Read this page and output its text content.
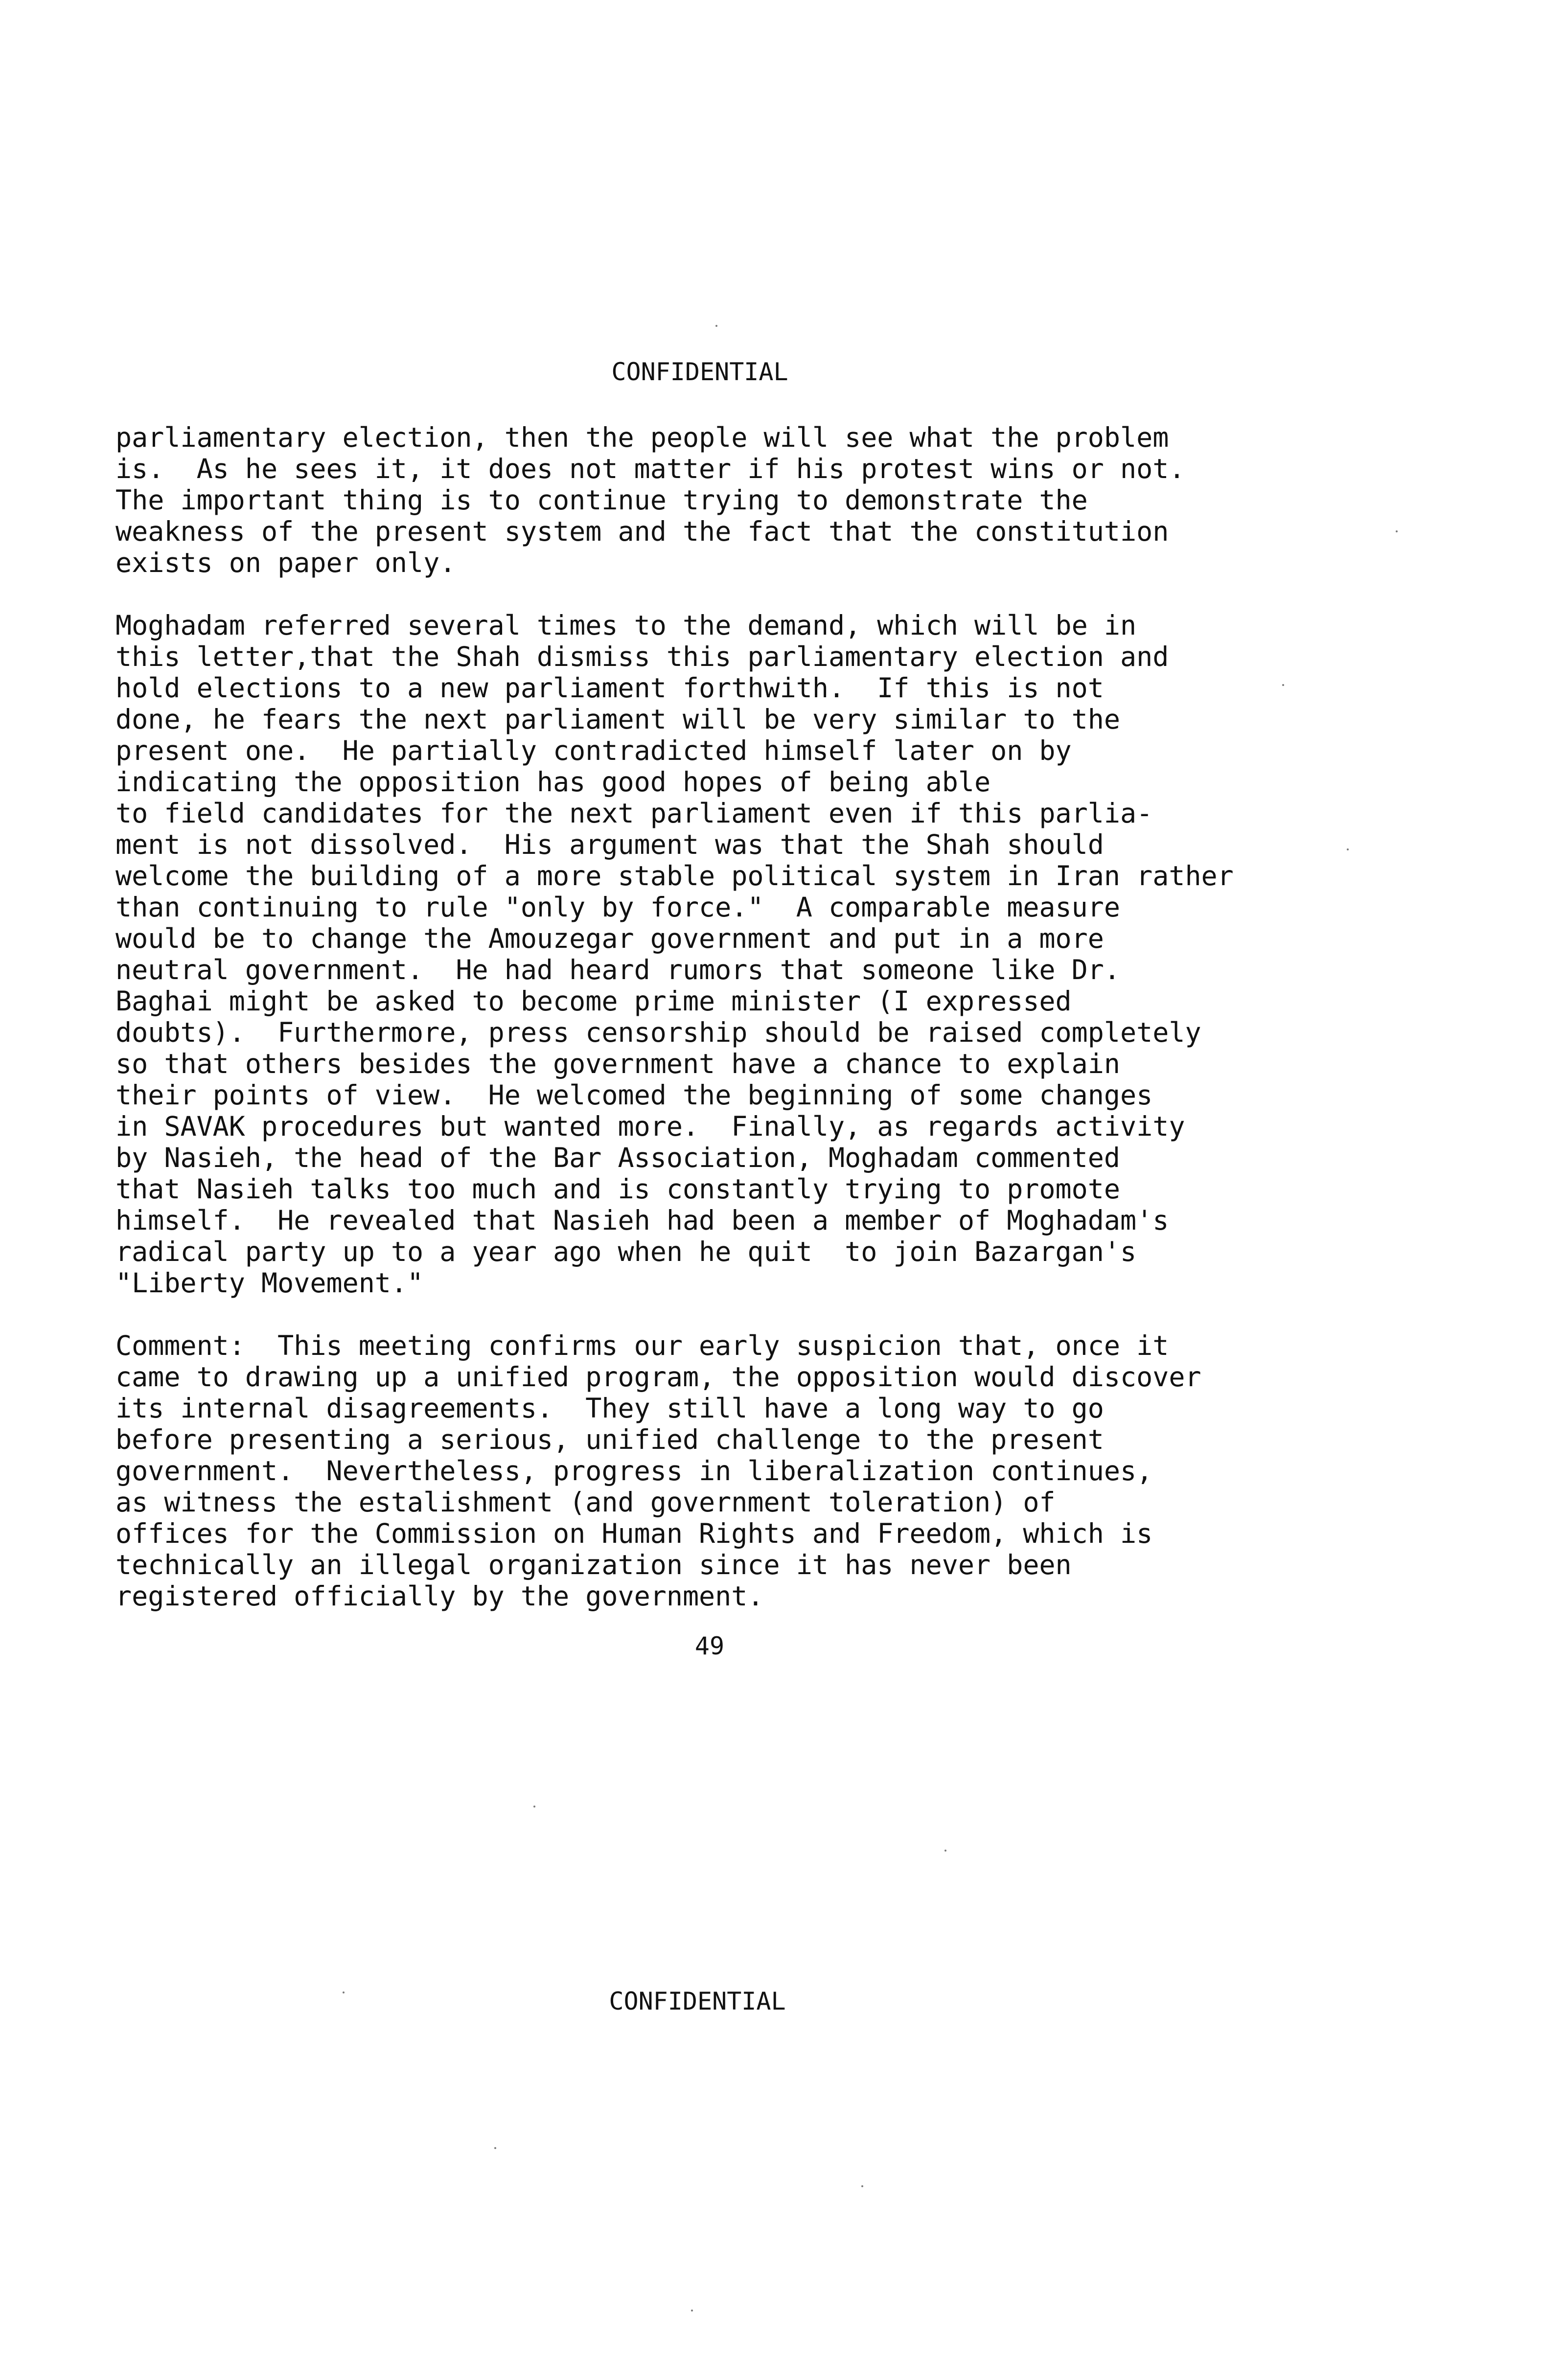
CONFIDENTIAL
parliamentary election, then the people will see what the problem
is.  As he sees it, it does not matter if his protest wins or not.
The important thing is to continue trying to demonstrate the
weakness of the present system and the fact that the constitution
exists on paper only.
Moghadam referred several times to the demand, which will be in
this letter,that the Shah dismiss this parliamentary election and
hold elections to a new parliament forthwith.  If this is not
done, he fears the next parliament will be very similar to the
present one.  He partially contradicted himself later on by
indicating the opposition has good hopes of being able
to field candidates for the next parliament even if this parlia-
ment is not dissolved.  His argument was that the Shah should
welcome the building of a more stable political system in Iran rather
than continuing to rule "only by force."  A comparable measure
would be to change the Amouzegar government and put in a more
neutral government.  He had heard rumors that someone like Dr.
Baghai might be asked to become prime minister (I expressed
doubts).  Furthermore, press censorship should be raised completely
so that others besides the government have a chance to explain
their points of view.  He welcomed the beginning of some changes
in SAVAK procedures but wanted more.  Finally, as regards activity
by Nasieh, the head of the Bar Association, Moghadam commented
that Nasieh talks too much and is constantly trying to promote
himself.  He revealed that Nasieh had been a member of Moghadam's
radical party up to a year ago when he quit  to join Bazargan's
"Liberty Movement."
Comment:  This meeting confirms our early suspicion that, once it
came to drawing up a unified program, the opposition would discover
its internal disagreements.  They still have a long way to go
before presenting a serious, unified challenge to the present
government.  Nevertheless, progress in liberalization continues,
as witness the estalishment (and government toleration) of
offices for the Commission on Human Rights and Freedom, which is
technically an illegal organization since it has never been
registered officially by the government.
49
CONFIDENTIAL
